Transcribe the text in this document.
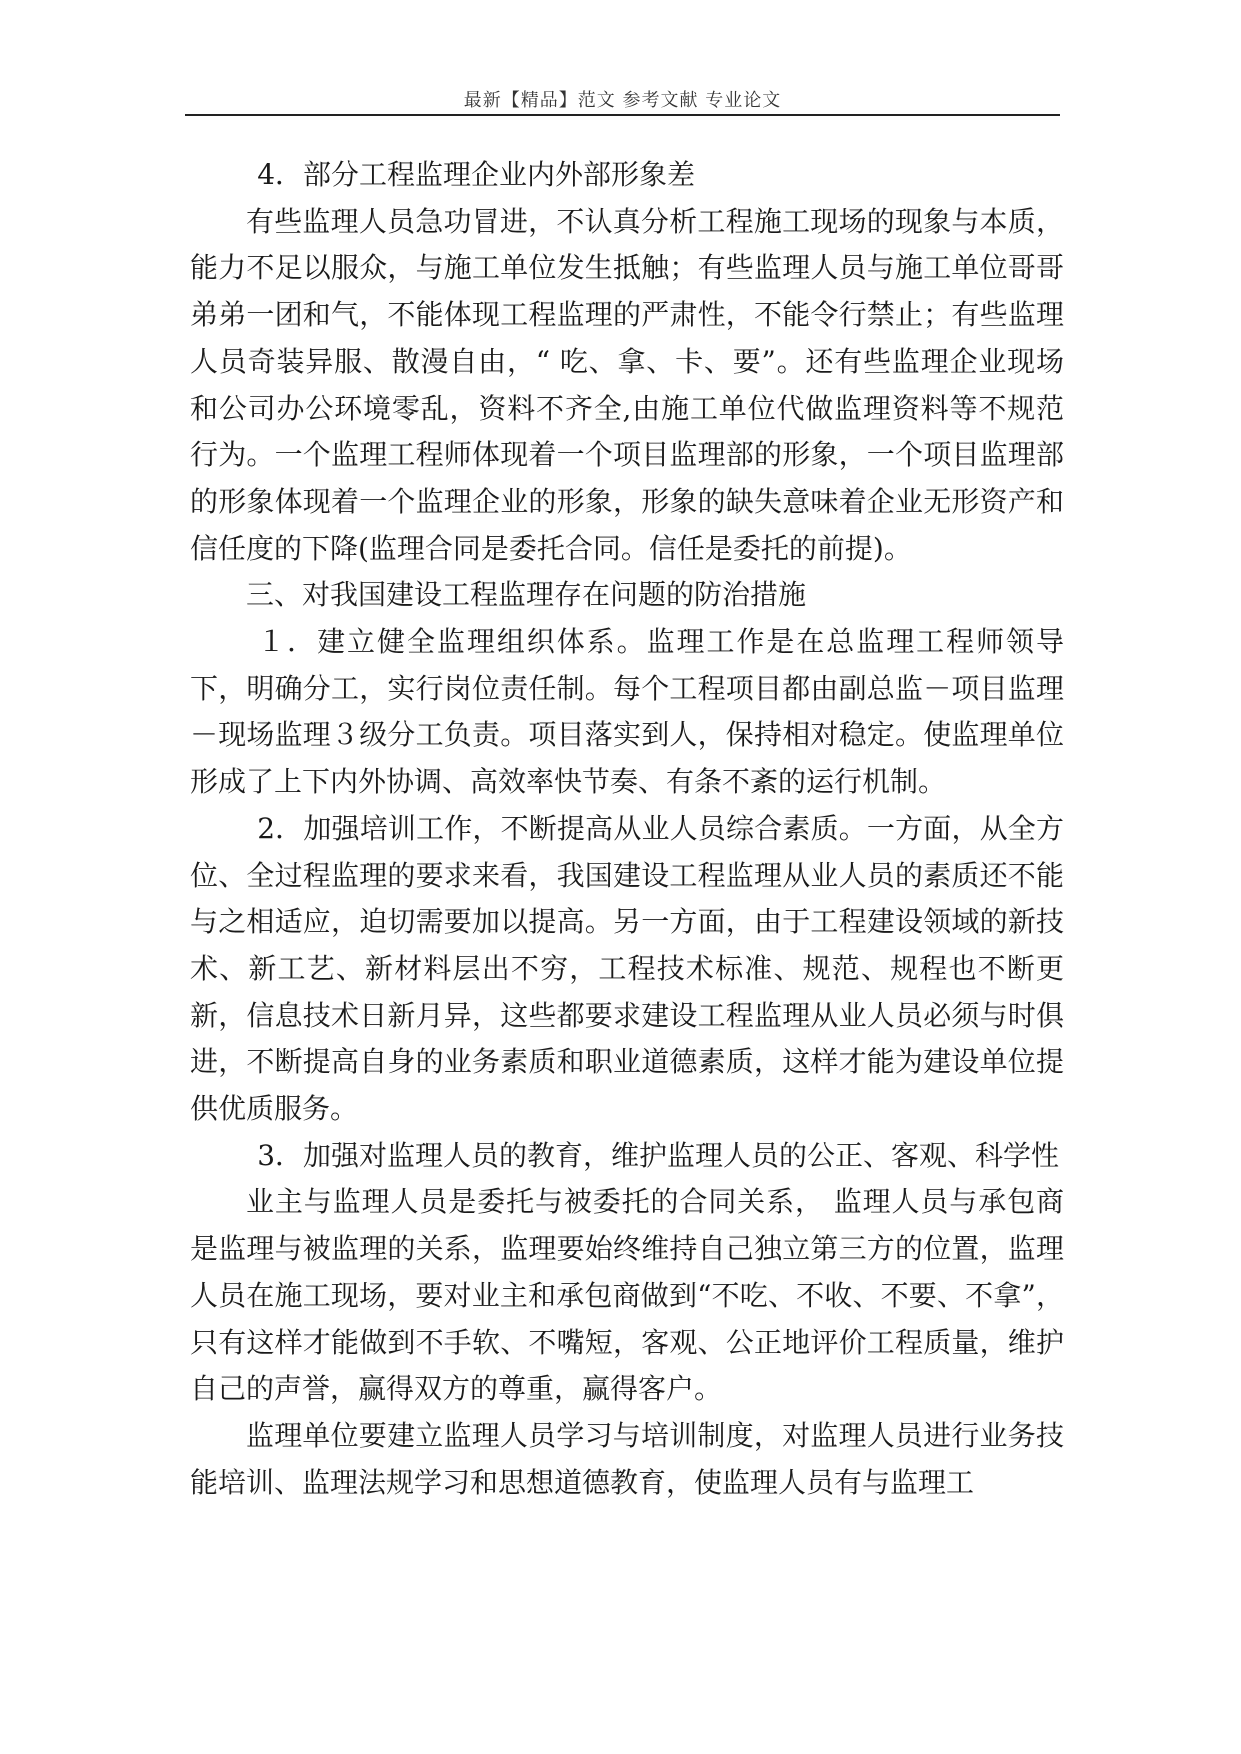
最新【精品】范文 参考文献 专业论文

4．部分工程监理企业内外部形象差

有些监理人员急功冒进，不认真分析工程施工现场的现象与本质，能力不足以服众，与施工单位发生抵触；有些监理人员与施工单位哥哥弟弟一团和气，不能体现工程监理的严肃性，不能令行禁止；有些监理人员奇装异服、散漫自由，“ 吃、拿、卡、要”。还有些监理企业现场和公司办公环境零乱，资料不齐全,由施工单位代做监理资料等不规范行为。一个监理工程师体现着一个项目监理部的形象，一个项目监理部的形象体现着一个监理企业的形象，形象的缺失意味着企业无形资产和信任度的下降(监理合同是委托合同。信任是委托的前提)。

三、对我国建设工程监理存在问题的防治措施

１．建立健全监理组织体系。监理工作是在总监理工程师领导下，明确分工，实行岗位责任制。每个工程项目都由副总监－项目监理－现场监理３级分工负责。项目落实到人，保持相对稳定。使监理单位形成了上下内外协调、高效率快节奏、有条不紊的运行机制。

2．加强培训工作，不断提高从业人员综合素质。一方面，从全方位、全过程监理的要求来看，我国建设工程监理从业人员的素质还不能与之相适应，迫切需要加以提高。另一方面，由于工程建设领域的新技术、新工艺、新材料层出不穷，工程技术标准、规范、规程也不断更新，信息技术日新月异，这些都要求建设工程监理从业人员必须与时俱进，不断提高自身的业务素质和职业道德素质，这样才能为建设单位提供优质服务。

3．加强对监理人员的教育，维护监理人员的公正、客观、科学性

业主与监理人员是委托与被委托的合同关系， 监理人员与承包商是监理与被监理的关系，监理要始终维持自己独立第三方的位置，监理人员在施工现场，要对业主和承包商做到“不吃、不收、不要、不拿”，只有这样才能做到不手软、不嘴短，客观、公正地评价工程质量，维护自己的声誉，赢得双方的尊重，赢得客户。

监理单位要建立监理人员学习与培训制度，对监理人员进行业务技能培训、监理法规学习和思想道德教育，使监理人员有与监理工
